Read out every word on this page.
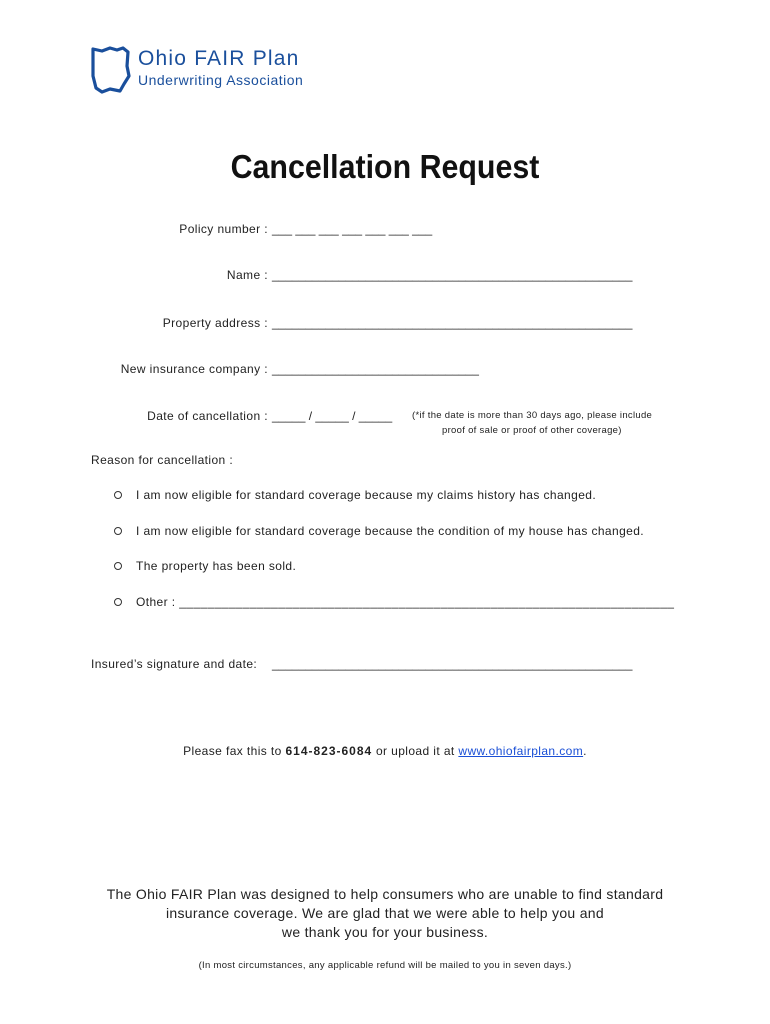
Ohio FAIR Plan
Underwriting Association
Cancellation Request
Policy number : ___ ___ ___ ___ ___ ___ ___
Name : ______________________________________________________
Property address : ______________________________________________________
New insurance company : _______________________________
Date of cancellation : _____ / _____ / _____ (*if the date is more than 30 days ago, please include
proof of sale or proof of other coverage)
Reason for cancellation :
I am now eligible for standard coverage because my claims history has changed.
I am now eligible for standard coverage because the condition of my house has changed.
The property has been sold.
Other : ______________________________________________________________________
Insured’s signature and date: ______________________________________________________
Please fax this to 614-823-6084 or upload it at www.ohiofairplan.com.
The Ohio FAIR Plan was designed to help consumers who are unable to find standard
insurance coverage. We are glad that we were able to help you and
we thank you for your business.
(In most circumstances, any applicable refund will be mailed to you in seven days.)
